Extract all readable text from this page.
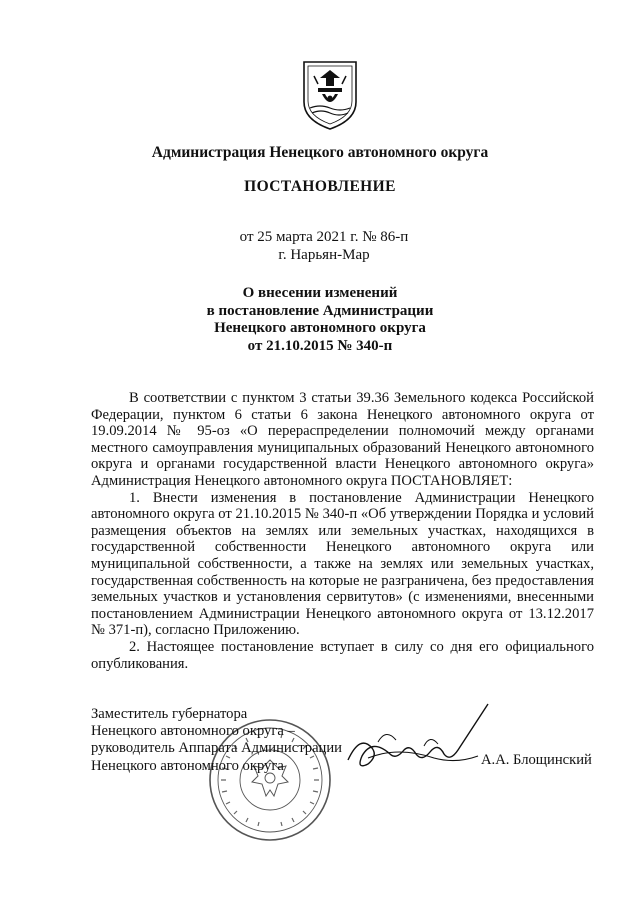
Администрация Ненецкого автономного округа
ПОСТАНОВЛЕНИЕ
от 25 марта 2021 г. № 86-п
г. Нарьян-Мар
О внесении изменений
в постановление Администрации
Ненецкого автономного округа
от 21.10.2015 № 340-п

В соответствии с пунктом 3 статьи 39.36 Земельного кодекса Российской Федерации, пунктом 6 статьи 6 закона Ненецкого автономного округа от 19.09.2014 № 95-оз «О перераспределении полномочий между органами местного самоуправления муниципальных образований Ненецкого автономного округа и органами государственной власти Ненецкого автономного округа» Администрация Ненецкого автономного округа ПОСТАНОВЛЯЕТ:

1. Внести изменения в постановление Администрации Ненецкого автономного округа от 21.10.2015 № 340-п «Об утверждении Порядка и условий размещения объектов на землях или земельных участках, находящихся в государственной собственности Ненецкого автономного округа или муниципальной собственности, а также на землях или земельных участках, государственная собственность на которые не разграничена, без предоставления земельных участков и установления сервитутов» (с изменениями, внесенными постановлением Администрации Ненецкого автономного округа от 13.12.2017 № 371-п), согласно Приложению.

2. Настоящее постановление вступает в силу со дня его официального опубликования.

Заместитель губернатора
Ненецкого автономного округа –
руководитель Аппарата Администрации
Ненецкого автономного округа	А.А. Блощинский
